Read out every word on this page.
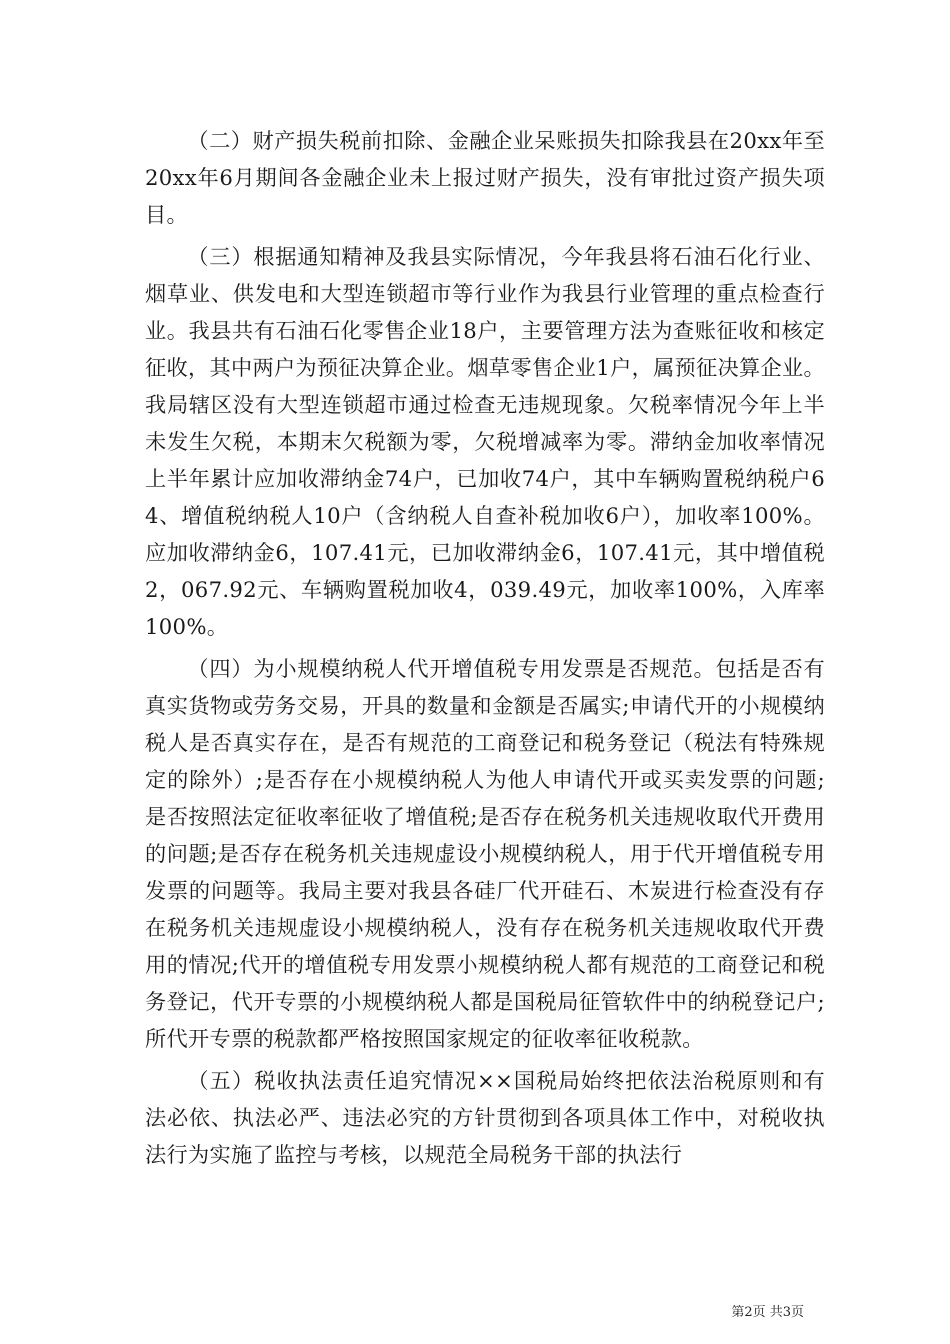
（二）财产损失税前扣除、金融企业呆账损失扣除我县在20xx年至20xx年6月期间各金融企业未上报过财产损失，没有审批过资产损失项目。

（三）根据通知精神及我县实际情况，今年我县将石油石化行业、烟草业、供发电和大型连锁超市等行业作为我县行业管理的重点检查行业。我县共有石油石化零售企业18户，主要管理方法为查账征收和核定征收，其中两户为预征决算企业。烟草零售企业1户，属预征决算企业。我局辖区没有大型连锁超市通过检查无违规现象。欠税率情况今年上半未发生欠税，本期末欠税额为零，欠税增减率为零。滞纳金加收率情况上半年累计应加收滞纳金74户，已加收74户，其中车辆购置税纳税户64、增值税纳税人10户（含纳税人自查补税加收6户），加收率100%。应加收滞纳金6，107.41元，已加收滞纳金6，107.41元，其中增值税2，067.92元、车辆购置税加收4，039.49元，加收率100%，入库率100%。

（四）为小规模纳税人代开增值税专用发票是否规范。包括是否有真实货物或劳务交易，开具的数量和金额是否属实;申请代开的小规模纳税人是否真实存在，是否有规范的工商登记和税务登记（税法有特殊规定的除外）;是否存在小规模纳税人为他人申请代开或买卖发票的问题;是否按照法定征收率征收了增值税;是否存在税务机关违规收取代开费用的问题;是否存在税务机关违规虚设小规模纳税人，用于代开增值税专用发票的问题等。我局主要对我县各硅厂代开硅石、木炭进行检查没有存在税务机关违规虚设小规模纳税人，没有存在税务机关违规收取代开费用的情况;代开的增值税专用发票小规模纳税人都有规范的工商登记和税务登记，代开专票的小规模纳税人都是国税局征管软件中的纳税登记户;所代开专票的税款都严格按照国家规定的征收率征收税款。

（五）税收执法责任追究情况××国税局始终把依法治税原则和有法必依、执法必严、违法必究的方针贯彻到各项具体工作中，对税收执法行为实施了监控与考核，以规范全局税务干部的执法行

第2页 共3页
